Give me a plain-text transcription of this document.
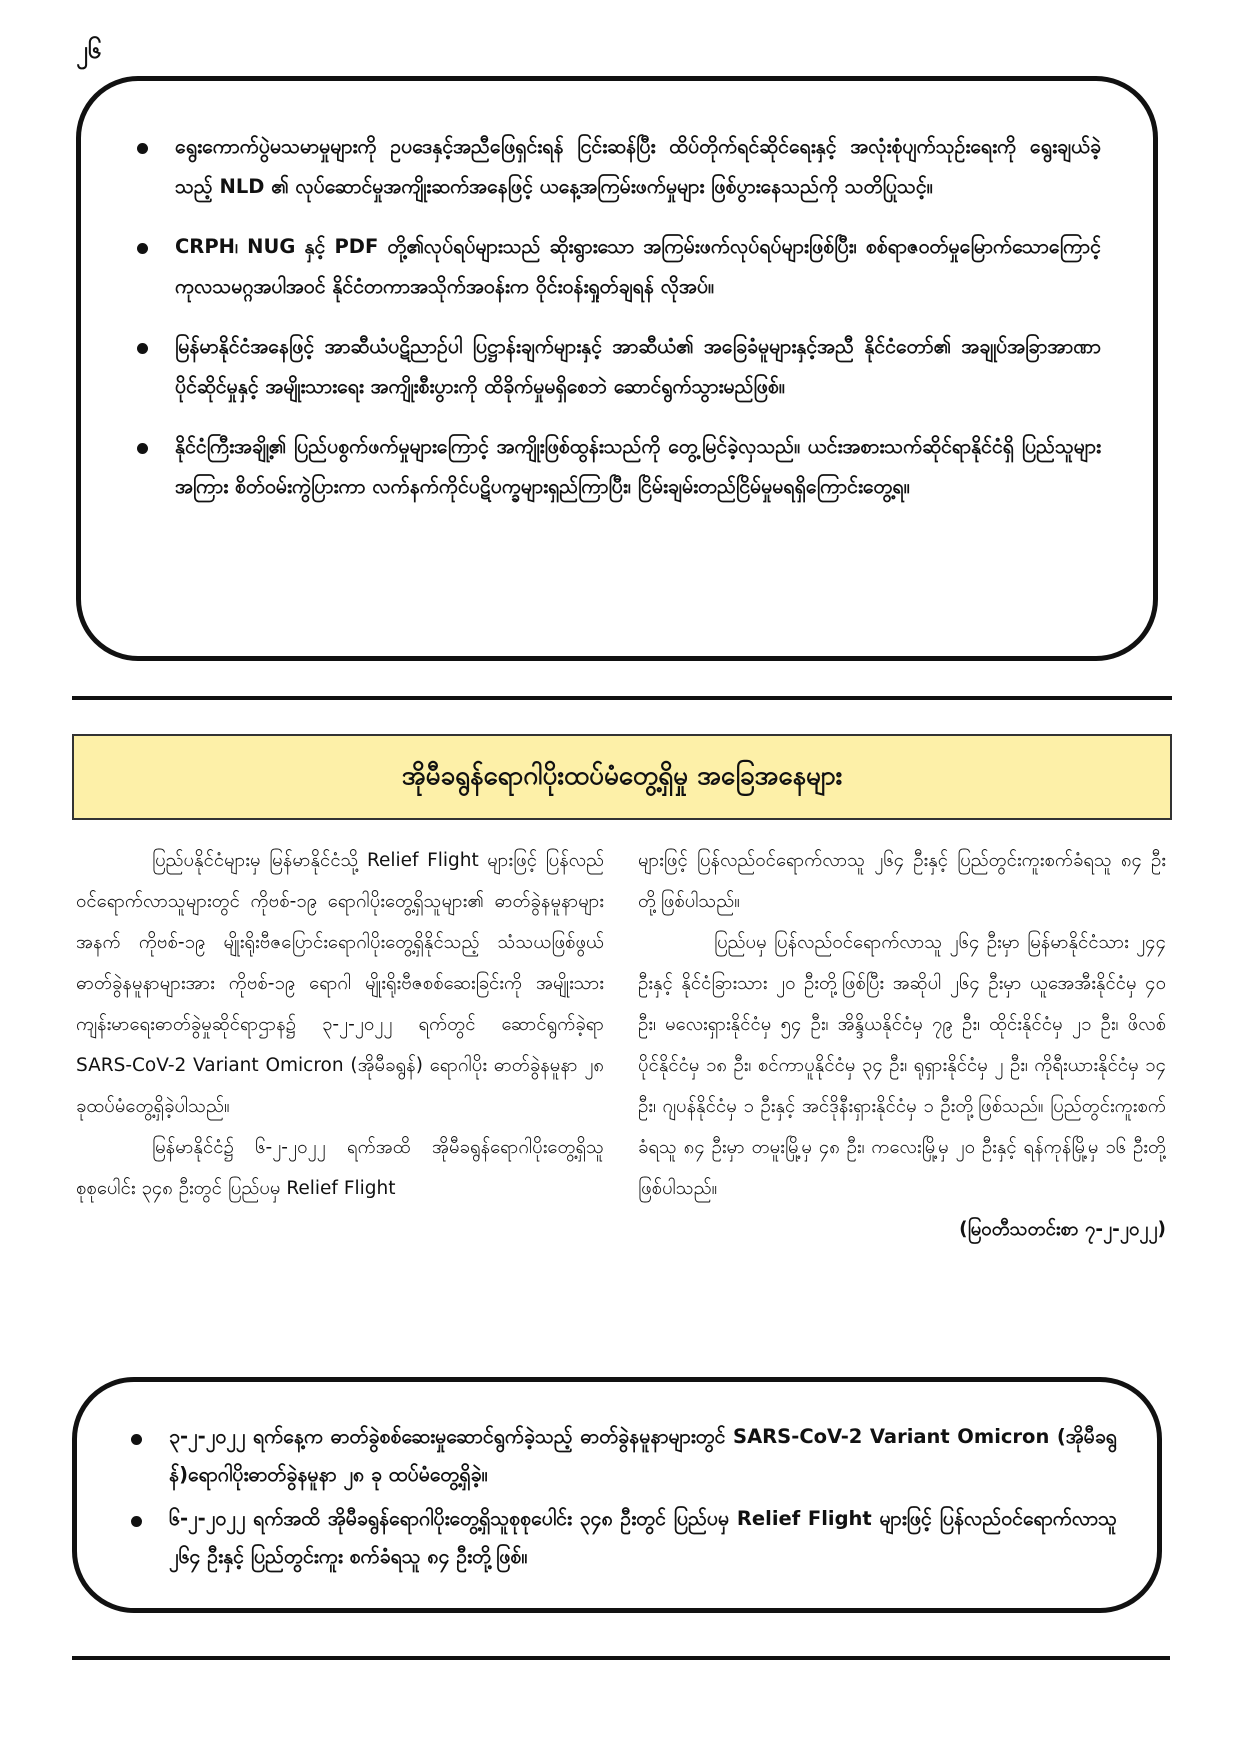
၂၆
ရွေးကောက်ပွဲမသမာမှုများကို ဥပဒေနှင့်အညီဖြေရှင်းရန် ငြင်းဆန်ပြီး ထိပ်တိုက်ရင်ဆိုင်ရေးနှင့် အလုံးစုံပျက်သုဉ်းရေးကို ရွေးချယ်ခဲ့သည့် NLD ၏ လုပ်ဆောင်မှုအကျိုးဆက်အနေဖြင့် ယနေ့အကြမ်းဖက်မှုများ ဖြစ်ပွားနေသည်ကို သတိပြုသင့်။
CRPH၊ NUG နှင့် PDF တို့၏လုပ်ရပ်များသည် ဆိုးရွားသော အကြမ်းဖက်လုပ်ရပ်များဖြစ်ပြီး၊ စစ်ရာဇဝတ်မှုမြောက်သောကြောင့် ကုလသမဂ္ဂအပါအဝင် နိုင်ငံတကာအသိုက်အဝန်းက ဝိုင်းဝန်းရှုတ်ချရန် လိုအပ်။
မြန်မာနိုင်ငံအနေဖြင့် အာဆီယံပဋိညာဉ်ပါ ပြဋ္ဌာန်းချက်များနှင့် အာဆီယံ၏ အခြေခံမူများနှင့်အညီ နိုင်ငံတော်၏ အချုပ်အခြာအာဏာပိုင်ဆိုင်မှုနှင့် အမျိုးသားရေး အကျိုးစီးပွားကို ထိခိုက်မှုမရှိစေဘဲ ဆောင်ရွက်သွားမည်ဖြစ်။
နိုင်ငံကြီးအချို့၏ ပြည်ပစွက်ဖက်မှုများကြောင့် အကျိုးဖြစ်ထွန်းသည်ကို တွေ့မြင်ခဲ့လှသည်။ ယင်းအစားသက်ဆိုင်ရာနိုင်ငံရှိ ပြည်သူများအကြား စိတ်ဝမ်းကွဲပြားကာ လက်နက်ကိုင်ပဋိပက္ခများရှည်ကြာပြီး၊ ငြိမ်းချမ်းတည်ငြိမ်မှုမရရှိကြောင်းတွေ့ရ။
အိုမီခရွန်ရောဂါပိုးထပ်မံတွေ့ရှိမှု အခြေအနေများ

ပြည်ပနိုင်ငံများမှ မြန်မာနိုင်ငံသို့ Relief Flight များဖြင့် ပြန်လည်ဝင်ရောက်လာသူများတွင် ကိုဗစ်-၁၉ ရောဂါပိုးတွေ့ရှိသူများ၏ ဓာတ်ခွဲနမူနာများအနက် ကိုဗစ်-၁၉ မျိုးရိုးဗီဇပြောင်းရောဂါပိုးတွေ့ရှိနိုင်သည့် သံသယဖြစ်ဖွယ်ဓာတ်ခွဲနမူနာများအား ကိုဗစ်-၁၉ ရောဂါ မျိုးရိုးဗီဇစစ်ဆေးခြင်းကို အမျိုးသားကျန်းမာရေးဓာတ်ခွဲမှုဆိုင်ရာဌာန၌ ၃-၂-၂၀၂၂ ရက်တွင် ဆောင်ရွက်ခဲ့ရာ SARS-CoV-2 Variant Omicron (အိုမီခရွန်) ရောဂါပိုး ဓာတ်ခွဲနမူနာ ၂၈ ခုထပ်မံတွေ့ရှိခဲ့ပါသည်။

မြန်မာနိုင်ငံ၌ ၆-၂-၂၀၂၂ ရက်အထိ အိုမီခရွန်ရောဂါပိုးတွေ့ရှိသူစုစုပေါင်း ၃၄၈ ဦးတွင် ပြည်ပမှ Relief Flight

များဖြင့် ပြန်လည်ဝင်ရောက်လာသူ ၂၆၄ ဦးနှင့် ပြည်တွင်းကူးစက်ခံရသူ ၈၄ ဦးတို့ဖြစ်ပါသည်။

ပြည်ပမှ ပြန်လည်ဝင်ရောက်လာသူ ၂၆၄ ဦးမှာ မြန်မာနိုင်ငံသား ၂၄၄ ဦးနှင့် နိုင်ငံခြားသား ၂၀ ဦးတို့ဖြစ်ပြီး အဆိုပါ ၂၆၄ ဦးမှာ ယူအေအီးနိုင်ငံမှ ၄၀ ဦး၊ မလေးရှားနိုင်ငံမှ ၅၄ ဦး၊ အိန္ဒိယနိုင်ငံမှ ၇၉ ဦး၊ ထိုင်းနိုင်ငံမှ ၂၁ ဦး၊ ဖိလစ်ပိုင်နိုင်ငံမှ ၁၈ ဦး၊ စင်ကာပူနိုင်ငံမှ ၃၄ ဦး၊ ရုရှားနိုင်ငံမှ ၂ ဦး၊ ကိုရီးယားနိုင်ငံမှ ၁၄ ဦး၊ ဂျပန်နိုင်ငံမှ ၁ ဦးနှင့် အင်ဒိုနီးရှားနိုင်ငံမှ ၁ ဦးတို့ဖြစ်သည်။ ပြည်တွင်းကူးစက်ခံရသူ ၈၄ ဦးမှာ တမူးမြို့မှ ၄၈ ဦး၊ ကလေးမြို့မှ ၂၀ ဦးနှင့် ရန်ကုန်မြို့မှ ၁၆ ဦးတို့ဖြစ်ပါသည်။

(မြဝတီသတင်းစာ ၇-၂-၂၀၂၂)

၃-၂-၂၀၂၂ ရက်နေ့က ဓာတ်ခွဲစစ်ဆေးမှုဆောင်ရွက်ခဲ့သည့် ဓာတ်ခွဲနမူနာများတွင် SARS-CoV-2 Variant Omicron (အိုမီခရွန်)ရောဂါပိုးဓာတ်ခွဲနမူနာ ၂၈ ခု ထပ်မံတွေ့ရှိခဲ့။
၆-၂-၂၀၂၂ ရက်အထိ အိုမီခရွန်ရောဂါပိုးတွေ့ရှိသူစုစုပေါင်း ၃၄၈ ဦးတွင် ပြည်ပမှ Relief Flight များဖြင့် ပြန်လည်ဝင်ရောက်လာသူ ၂၆၄ ဦးနှင့် ပြည်တွင်းကူး စက်ခံရသူ ၈၄ ဦးတို့ဖြစ်။
